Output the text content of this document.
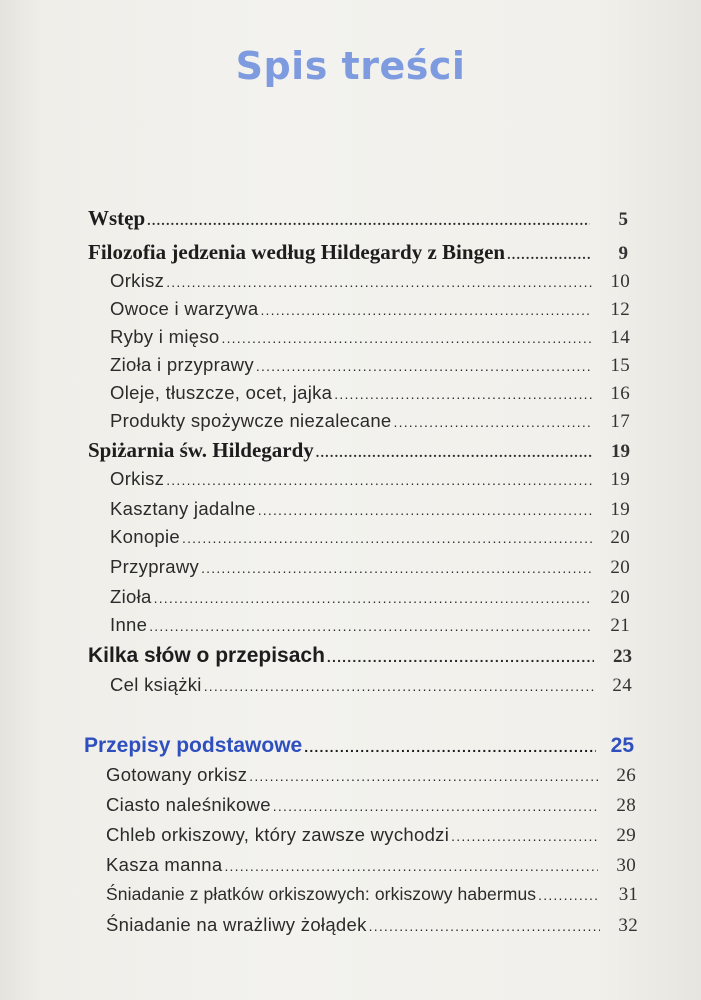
Spis treści
Wstęp .....	5
Filozofia jedzenia według Hildegardy z Bingen .....	9
Orkisz .....	10
Owoce i warzywa .....	12
Ryby i mięso .....	14
Zioła i przyprawy .....	15
Oleje, tłuszcze, ocet, jajka .....	16
Produkty spożywcze niezalecane .....	17
Spiżarnia św. Hildegardy .....	19
Orkisz .....	19
Kasztany jadalne .....	19
Konopie .....	20
Przyprawy .....	20
Zioła .....	20
Inne .....	21
Kilka słów o przepisach .....	23
Cel książki .....	24
Przepisy podstawowe .....	25
Gotowany orkisz .....	26
Ciasto naleśnikowe .....	28
Chleb orkiszowy, który zawsze wychodzi .....	29
Kasza manna .....	30
Śniadanie z płatków orkiszowych: orkiszowy habermus .....	31
Śniadanie na wrażliwy żołądek .....	32
